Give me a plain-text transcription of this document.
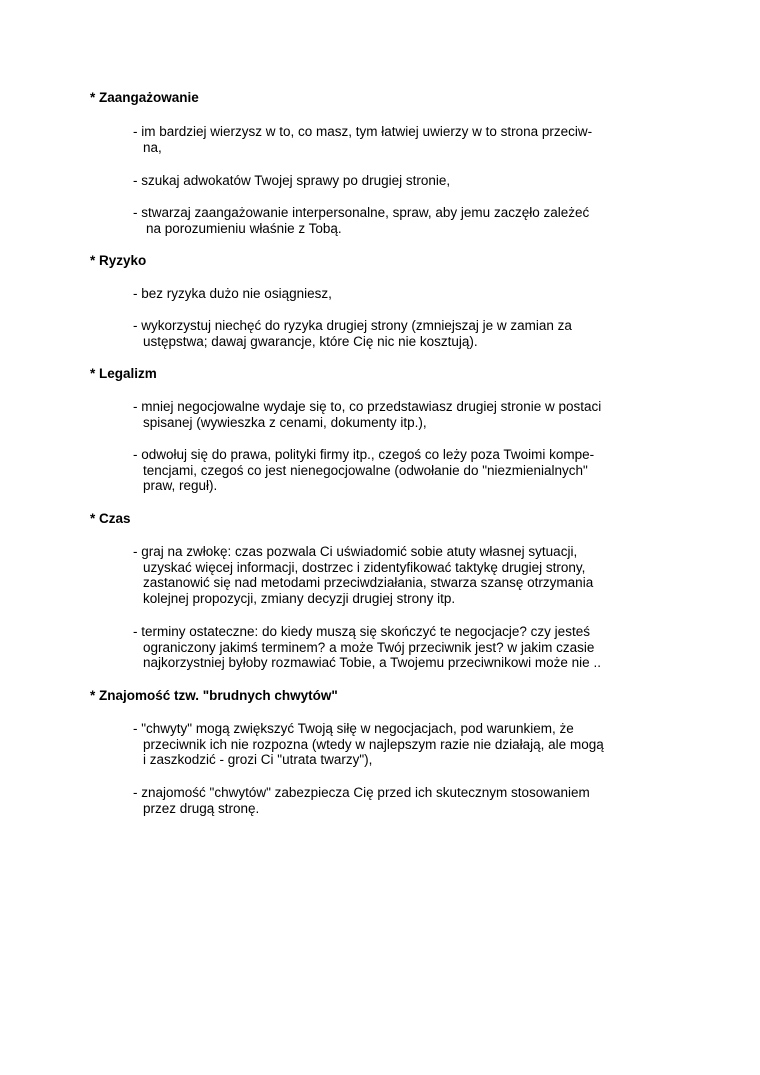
* Zaangażowanie
- im bardziej wierzysz w to, co masz, tym łatwiej uwierzy w to strona przeciw-
na,
- szukaj adwokatów Twojej sprawy po drugiej stronie,
- stwarzaj zaangażowanie interpersonalne, spraw, aby jemu zaczęło zależeć
na porozumieniu właśnie z Tobą.
* Ryzyko
- bez ryzyka dużo nie osiągniesz,
- wykorzystuj niechęć do ryzyka drugiej strony (zmniejszaj je w zamian za
ustępstwa; dawaj gwarancje, które Cię nic nie kosztują).
* Legalizm
- mniej negocjowalne wydaje się to, co przedstawiasz drugiej stronie w postaci
spisanej (wywieszka z cenami, dokumenty itp.),
- odwołuj się do prawa, polityki firmy itp., czegoś co leży poza Twoimi kompe-
tencjami, czegoś co jest nienegocjowalne (odwołanie do "niezmienialnych"
praw, reguł).
* Czas
- graj na zwłokę: czas pozwala Ci uświadomić sobie atuty własnej sytuacji,
uzyskać więcej informacji, dostrzec i zidentyfikować taktykę drugiej strony,
zastanowić się nad metodami przeciwdziałania, stwarza szansę otrzymania
kolejnej propozycji, zmiany decyzji drugiej strony itp.
- terminy ostateczne: do kiedy muszą się skończyć te negocjacje? czy jesteś
ograniczony jakimś terminem? a może Twój przeciwnik jest? w jakim czasie
najkorzystniej byłoby rozmawiać Tobie, a Twojemu przeciwnikowi może nie ..
* Znajomość tzw. "brudnych chwytów"
- "chwyty" mogą zwiększyć Twoją siłę w negocjacjach, pod warunkiem, że
przeciwnik ich nie rozpozna (wtedy w najlepszym razie nie działają, ale mogą
i zaszkodzić - grozi Ci "utrata twarzy"),
- znajomość "chwytów" zabezpiecza Cię przed ich skutecznym stosowaniem
przez drugą stronę.
